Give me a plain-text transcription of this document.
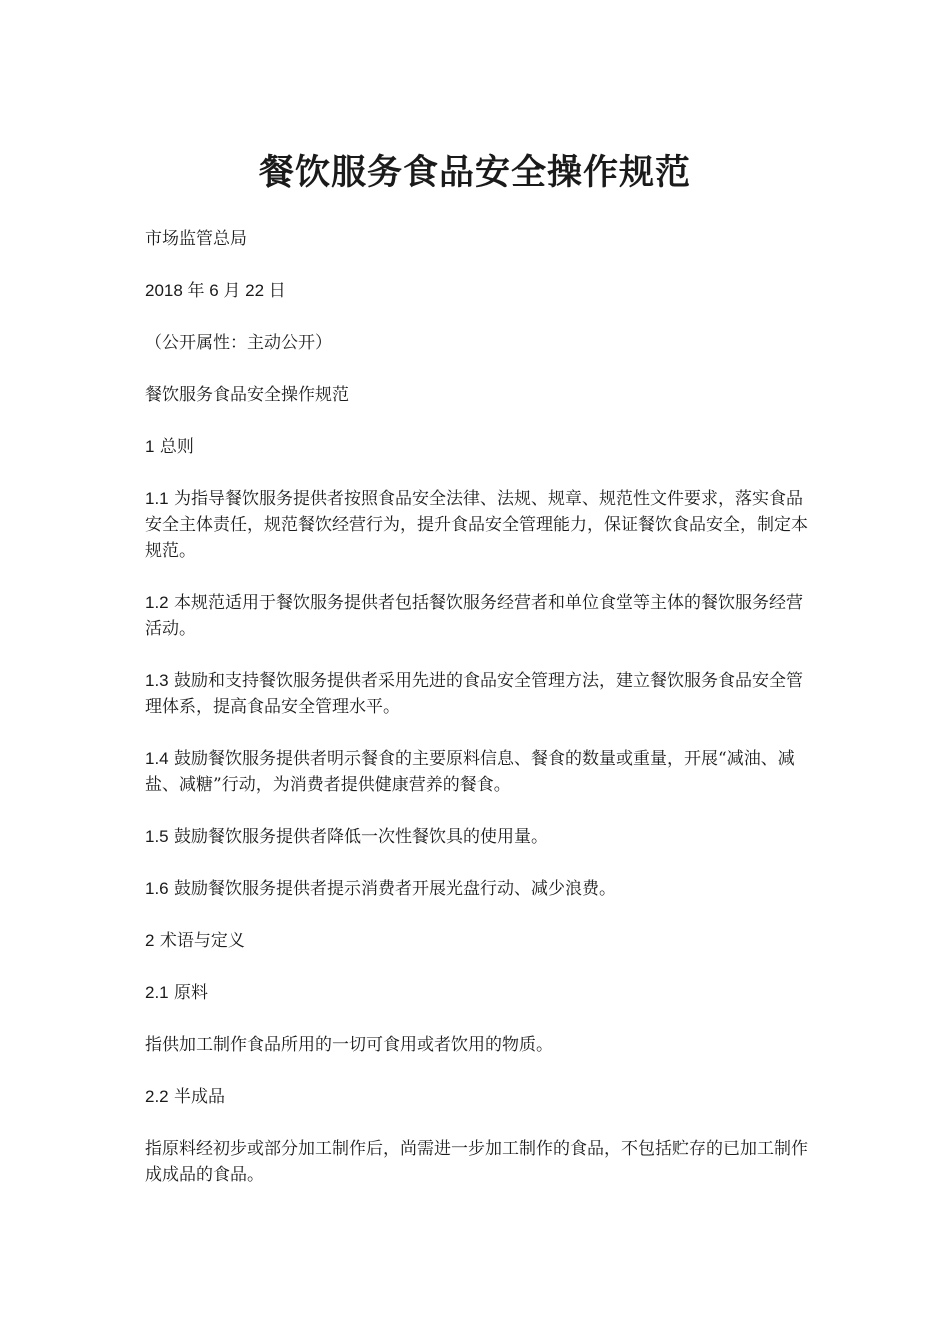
餐饮服务食品安全操作规范

市场监管总局

2018 年 6 月 22 日

（公开属性：主动公开）

餐饮服务食品安全操作规范

1 总则

1.1 为指导餐饮服务提供者按照食品安全法律、法规、规章、规范性文件要求，落实食品安全主体责任，规范餐饮经营行为，提升食品安全管理能力，保证餐饮食品安全，制定本规范。

1.2 本规范适用于餐饮服务提供者包括餐饮服务经营者和单位食堂等主体的餐饮服务经营活动。

1.3 鼓励和支持餐饮服务提供者采用先进的食品安全管理方法，建立餐饮服务食品安全管理体系，提高食品安全管理水平。

1.4 鼓励餐饮服务提供者明示餐食的主要原料信息、餐食的数量或重量，开展“减油、减盐、减糖”行动，为消费者提供健康营养的餐食。

1.5 鼓励餐饮服务提供者降低一次性餐饮具的使用量。

1.6 鼓励餐饮服务提供者提示消费者开展光盘行动、减少浪费。

2 术语与定义

2.1 原料

指供加工制作食品所用的一切可食用或者饮用的物质。

2.2 半成品

指原料经初步或部分加工制作后，尚需进一步加工制作的食品，不包括贮存的已加工制作成成品的食品。
